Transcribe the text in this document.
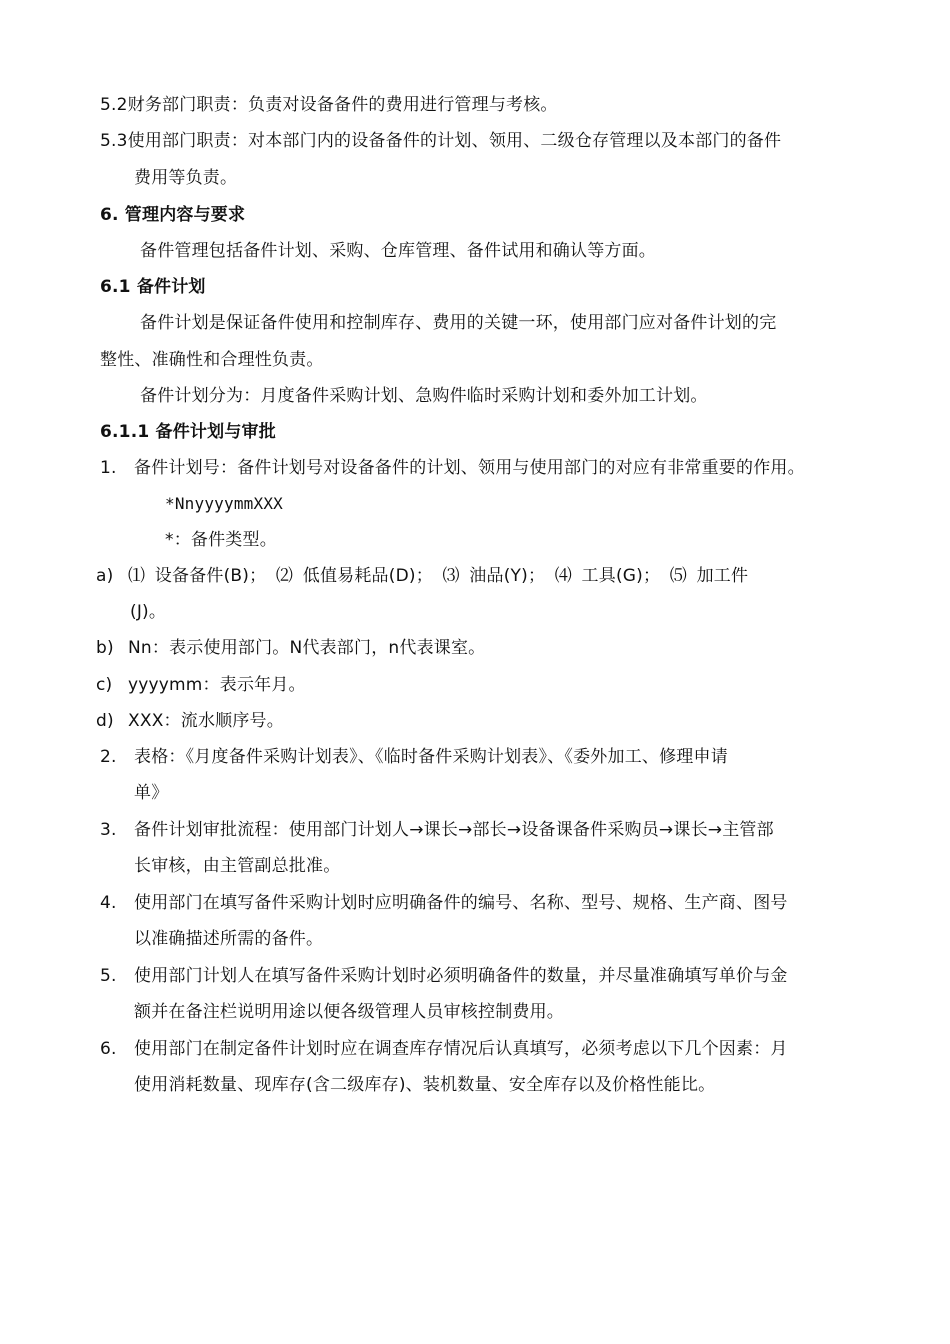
5.2财务部门职责：负责对设备备件的费用进行管理与考核。
5.3使用部门职责：对本部门内的设备备件的计划、领用、二级仓存管理以及本部门的备件
费用等负责。
6. 管理内容与要求
备件管理包括备件计划、采购、仓库管理、备件试用和确认等方面。
6.1 备件计划
备件计划是保证备件使用和控制库存、费用的关键一环，使用部门应对备件计划的完
整性、准确性和合理性负责。
备件计划分为：月度备件采购计划、急购件临时采购计划和委外加工计划。
6.1.1 备件计划与审批
1. 备件计划号：备件计划号对设备备件的计划、领用与使用部门的对应有非常重要的作用。
*NnyyyymmXXX
*：备件类型。
a) ⑴ 设备备件(B)； ⑵ 低值易耗品(D)； ⑶ 油品(Y)； ⑷ 工具(G)； ⑸ 加工件
(J)。
b) Nn：表示使用部门。N代表部门，n代表课室。
c) yyyymm：表示年月。
d) XXX：流水顺序号。
2. 表格：《月度备件采购计划表》、《临时备件采购计划表》、《委外加工、修理申请
单》
3. 备件计划审批流程：使用部门计划人→课长→部长→设备课备件采购员→课长→主管部
长审核，由主管副总批准。
4. 使用部门在填写备件采购计划时应明确备件的编号、名称、型号、规格、生产商、图号
以准确描述所需的备件。
5. 使用部门计划人在填写备件采购计划时必须明确备件的数量，并尽量准确填写单价与金
额并在备注栏说明用途以便各级管理人员审核控制费用。
6. 使用部门在制定备件计划时应在调查库存情况后认真填写，必须考虑以下几个因素：月
使用消耗数量、现库存(含二级库存)、装机数量、安全库存以及价格性能比。
